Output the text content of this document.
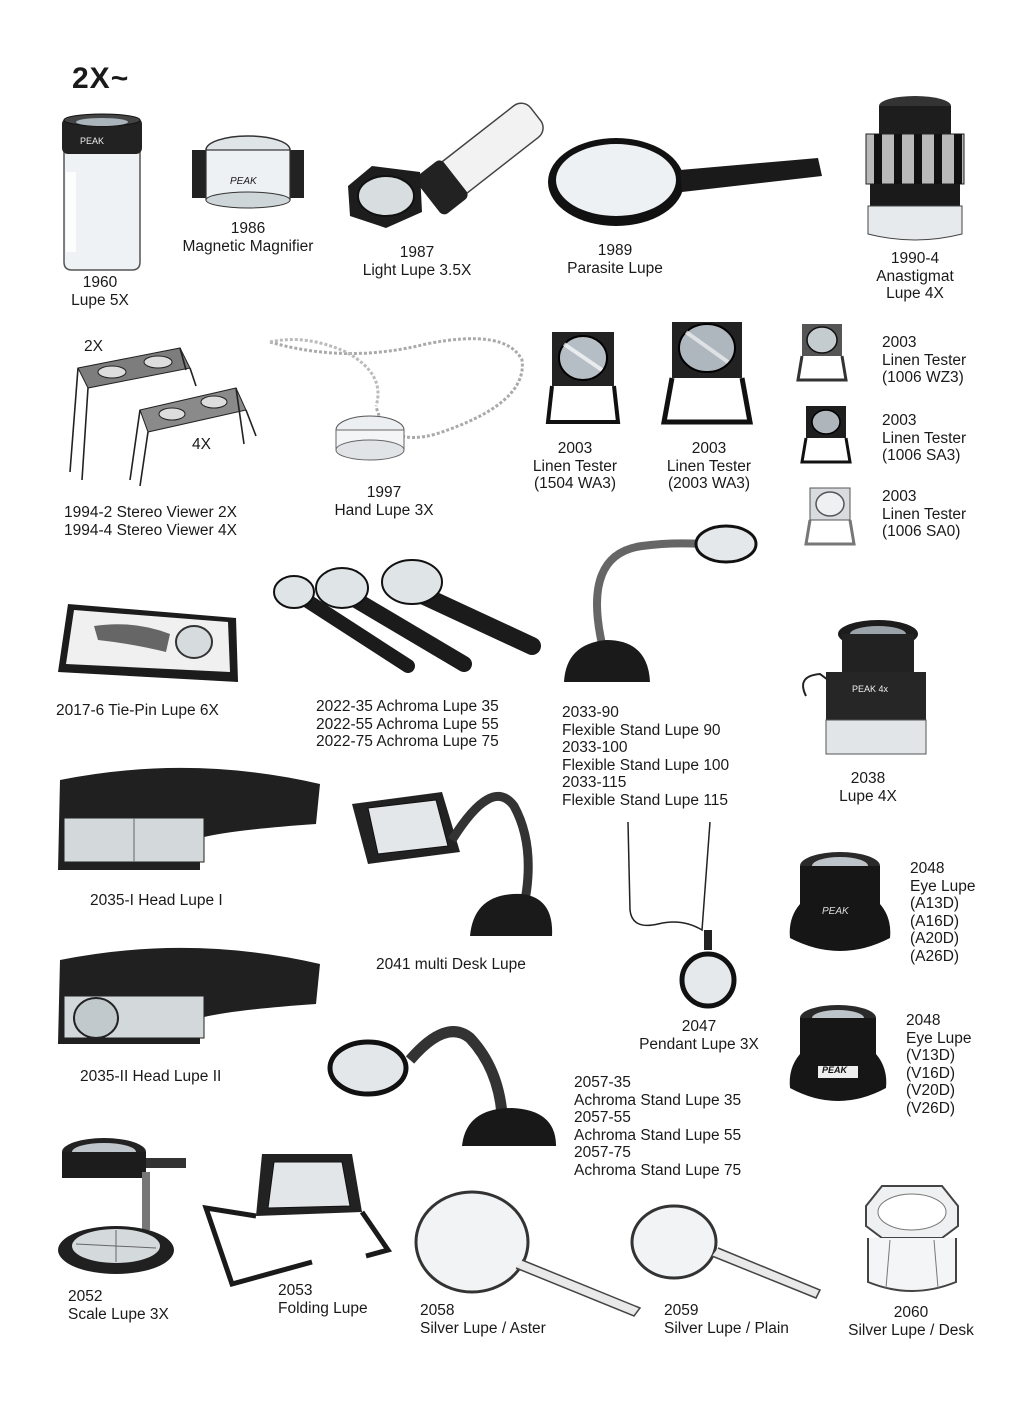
2X~
1960
Lupe 5X
PEAK
PEAK
1986
Magnetic Magnifier	1987
Light Lupe 3.5X
1989
Parasite Lupe
1990-4
Anastigmat
Lupe 4X
2X
4X
1994-2 Stereo Viewer 2X
1994-4 Stereo Viewer 4X
1997
Hand Lupe 3X
2003
Linen Tester
(1504 WA3)
2003
Linen Tester
(2003 WA3)
2003
Linen Tester
(1006 WZ3)
2003
Linen Tester
(1006 SA3)
2003
Linen Tester
(1006 SA0)
2017-6 Tie-Pin Lupe 6X	2022-35 Achroma Lupe 35
2022-55 Achroma Lupe 55
2022-75 Achroma Lupe 75
2033-90
Flexible Stand Lupe 90
2033-100
Flexible Stand Lupe 100
2033-115
Flexible Stand Lupe 115
PEAK 4x
2038
Lupe 4X
2035-I Head Lupe I
2041 multi Desk Lupe
PEAK
2048
Eye Lupe
(A13D)
(A16D)
(A20D)
(A26D)
2035-II Head Lupe II
2047
Pendant Lupe 3X
PEAK
2048
Eye Lupe
(V13D)
(V16D)
(V20D)
(V26D)
2057-35
Achroma Stand Lupe 35
2057-55
Achroma Stand Lupe 55
2057-75
Achroma Stand Lupe 75
2052
Scale Lupe 3X
2053
Folding Lupe	2058
Silver Lupe / Aster
2059
Silver Lupe / Plain
2060
Silver Lupe / Desk
